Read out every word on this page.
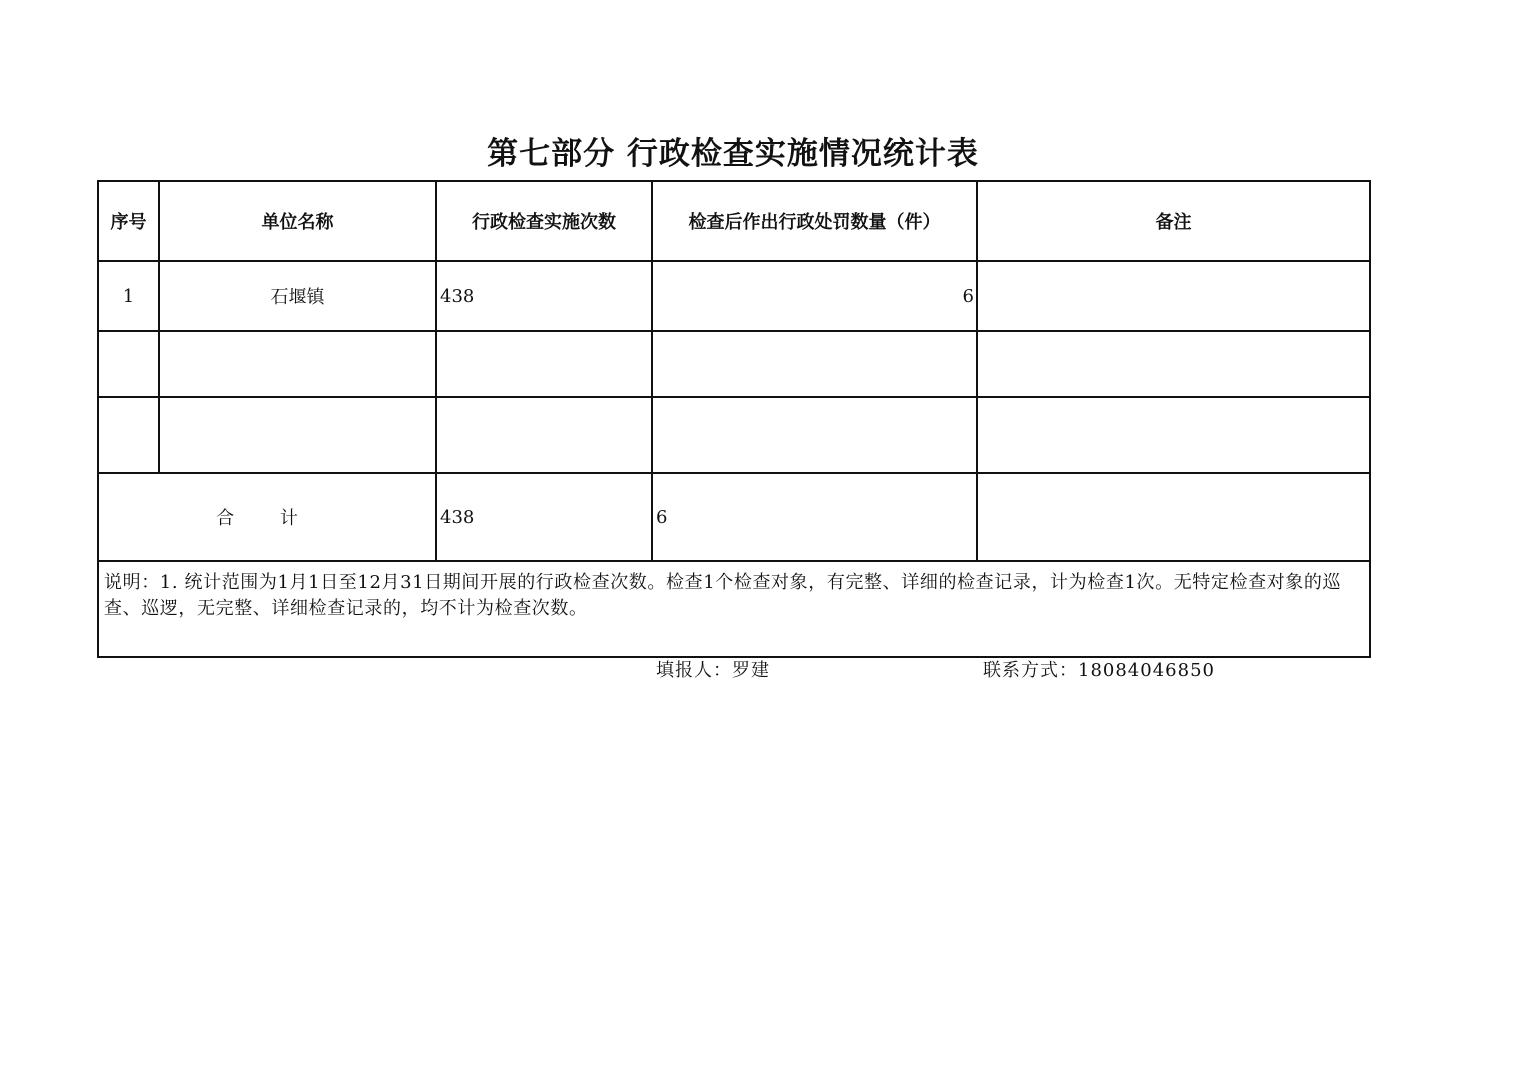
第七部分 行政检查实施情况统计表
序号	单位名称	行政检查实施次数	检查后作出行政处罚数量（件）	备注
1	石堰镇	438	6	

合 计		438	6	
说明：1. 统计范围为1月1日至12月31日期间开展的行政检查次数。检查1个检查对象，有完整、详细的检查记录，计为检查1次。无特定检查对象的巡查、巡逻，无完整、详细检查记录的，均不计为检查次数。				
填报人：罗建	联系方式：18084046850
